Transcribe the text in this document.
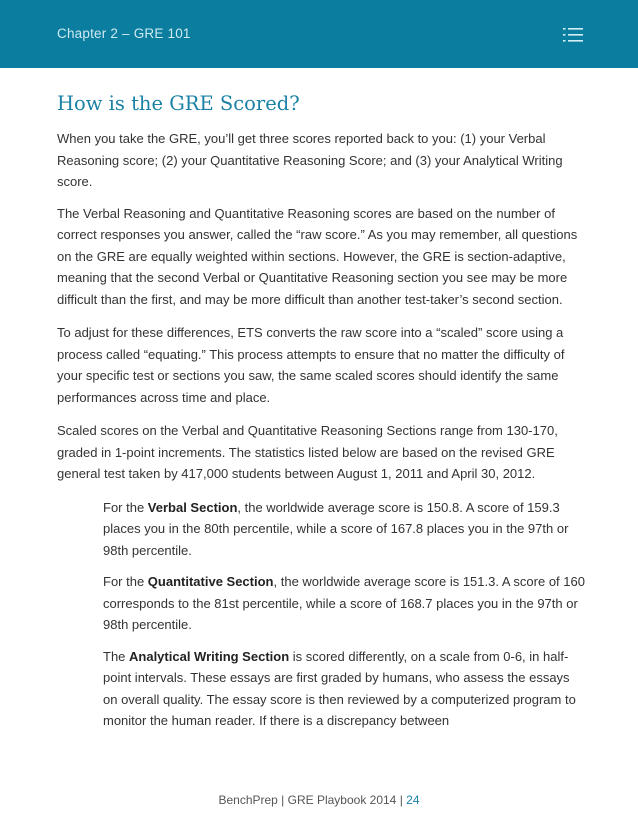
Chapter 2 – GRE 101
How is the GRE Scored?

When you take the GRE, you’ll get three scores reported back to you: (1) your Verbal Reasoning score; (2) your Quantitative Reasoning Score; and (3) your Analytical Writing score.

The Verbal Reasoning and Quantitative Reasoning scores are based on the number of correct responses you answer, called the “raw score.” As you may remember, all questions on the GRE are equally weighted within sections. However, the GRE is section-adaptive, meaning that the second Verbal or Quantitative Reasoning section you see may be more difficult than the first, and may be more difficult than another test-taker’s second section.

To adjust for these differences, ETS converts the raw score into a “scaled” score using a process called “equating.” This process attempts to ensure that no matter the difficulty of your specific test or sections you saw, the same scaled scores should identify the same performances across time and place.

Scaled scores on the Verbal and Quantitative Reasoning Sections range from 130-170, graded in 1-point increments. The statistics listed below are based on the revised GRE general test taken by 417,000 students between August 1, 2011 and April 30, 2012.

For the Verbal Section, the worldwide average score is 150.8. A score of 159.3 places you in the 80th percentile, while a score of 167.8 places you in the 97th or 98th percentile.

For the Quantitative Section, the worldwide average score is 151.3. A score of 160 corresponds to the 81st percentile, while a score of 168.7 places you in the 97th or 98th percentile.

The Analytical Writing Section is scored differently, on a scale from 0-6, in half-point intervals. These essays are first graded by humans, who assess the essays on overall quality. The essay score is then reviewed by a computerized program to monitor the human reader. If there is a discrepancy between

BenchPrep | GRE Playbook 2014 | 24
